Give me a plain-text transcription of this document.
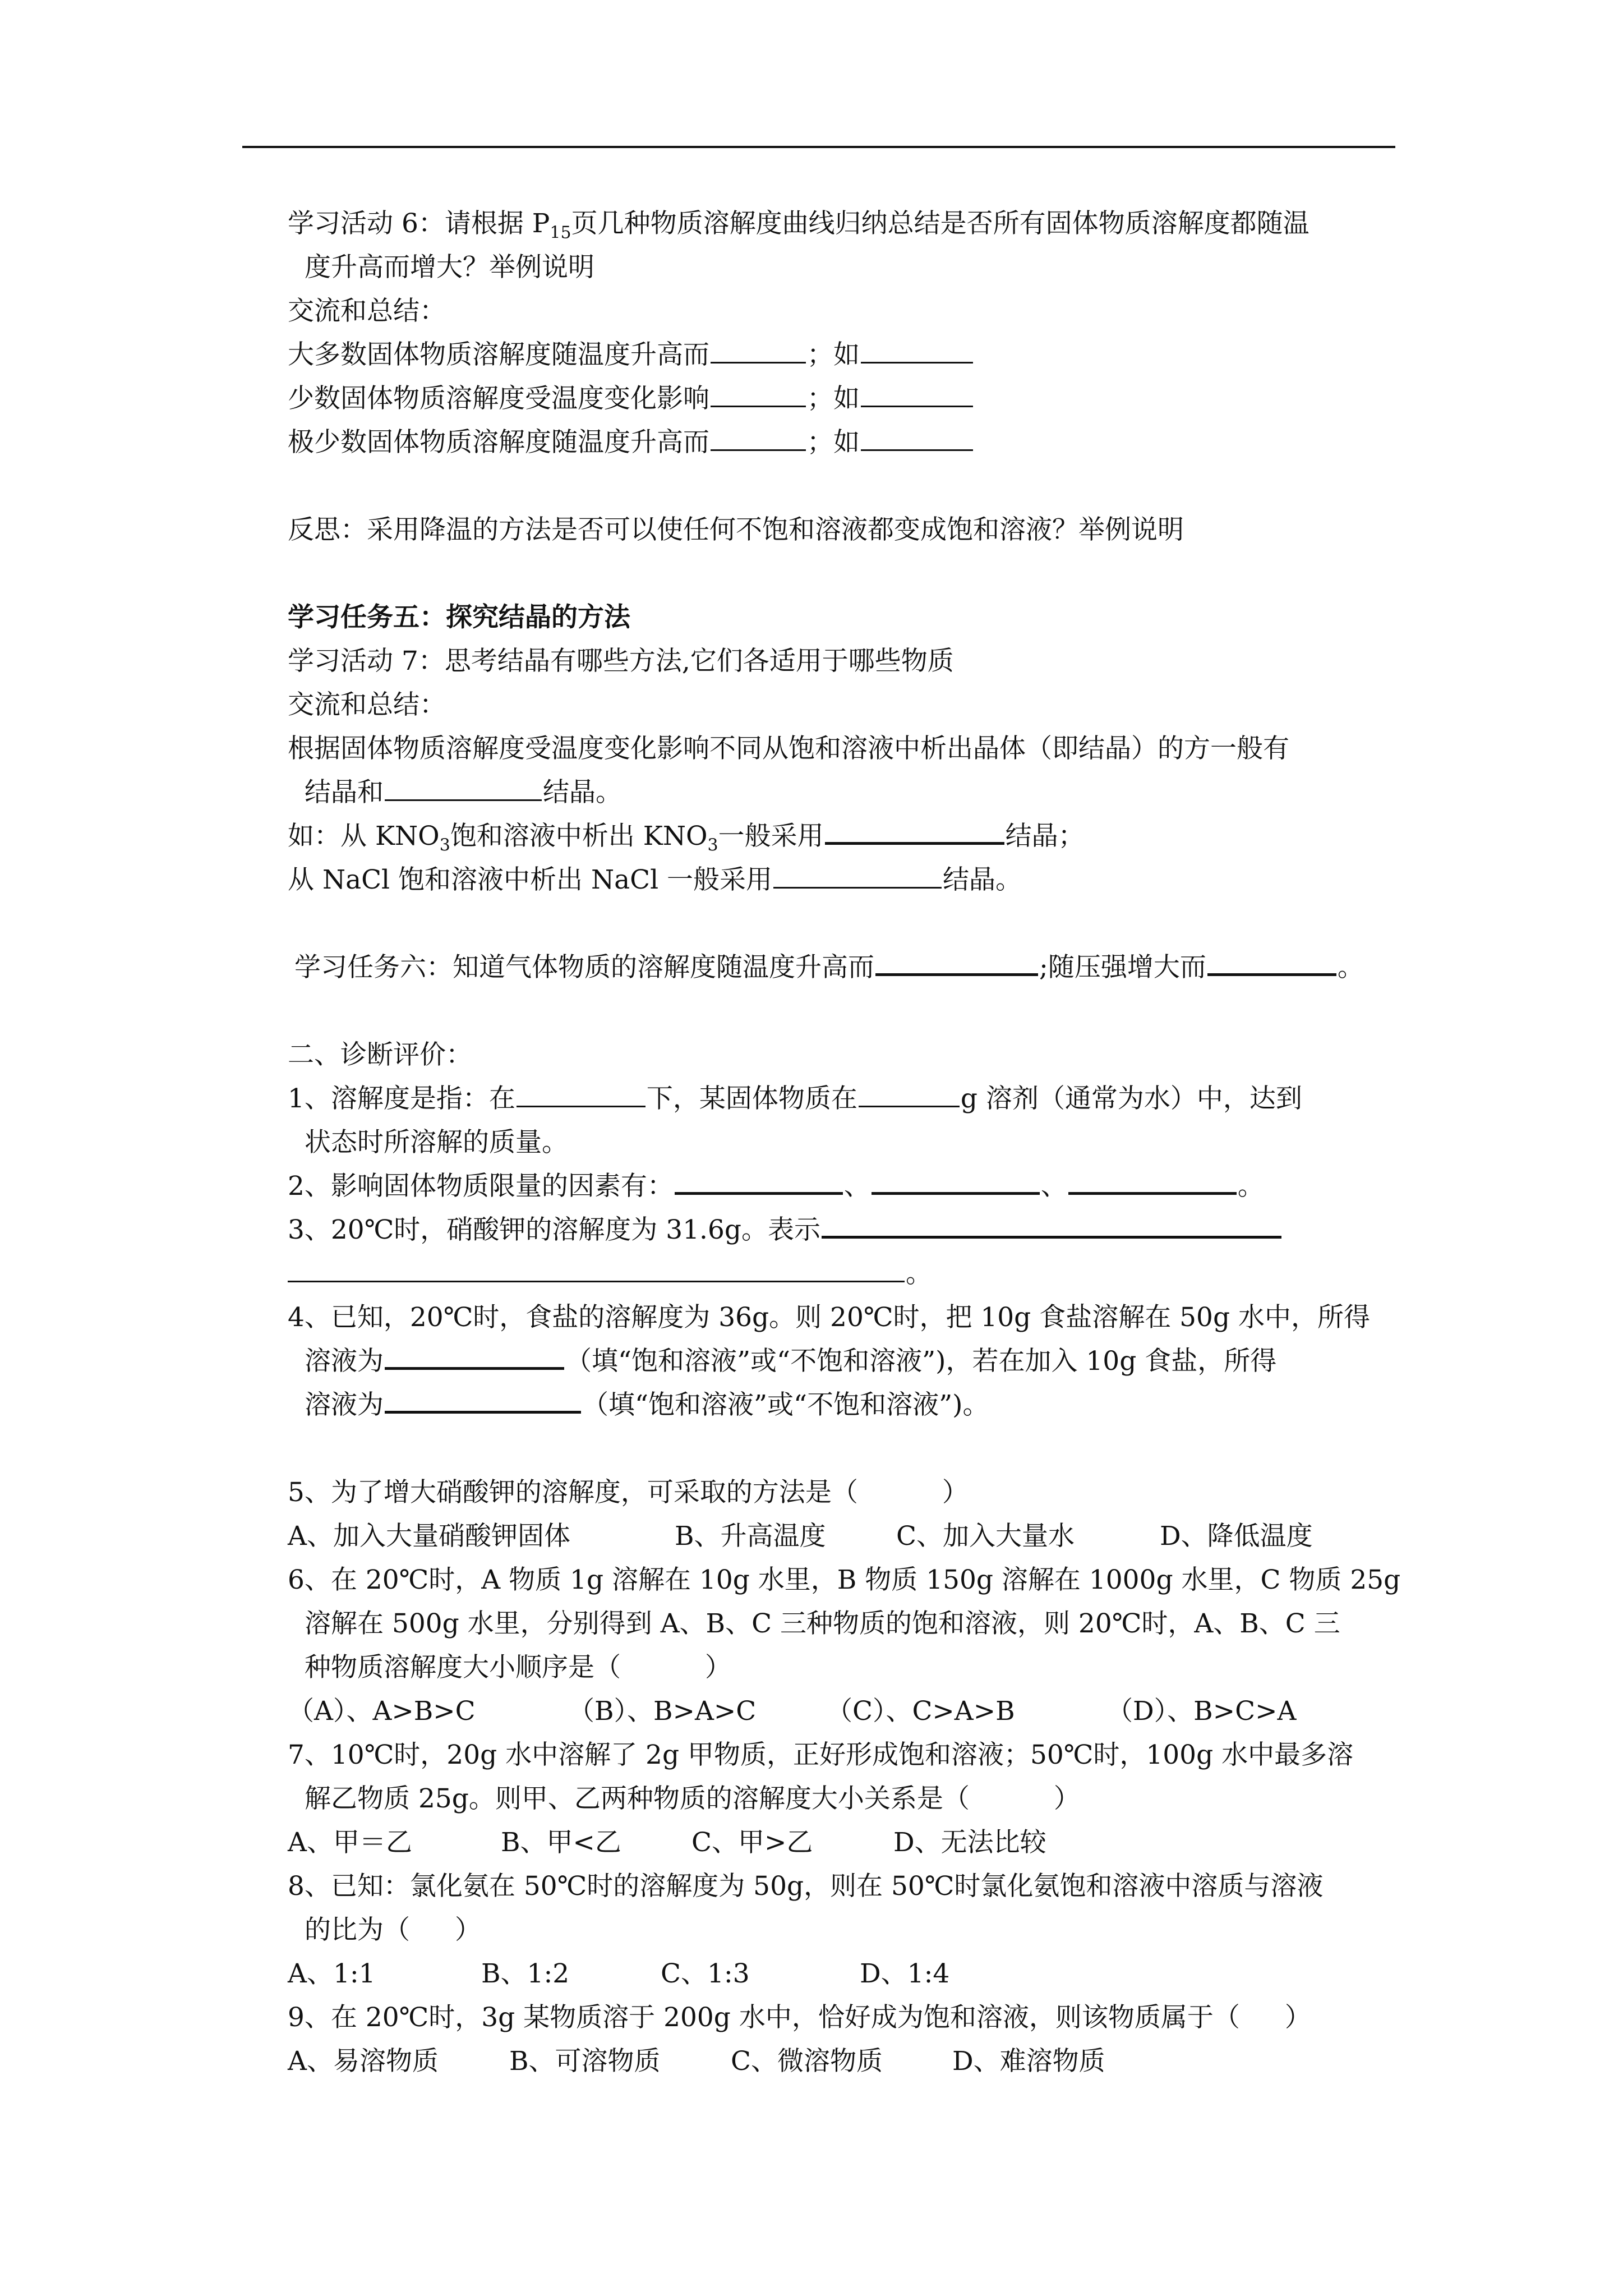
学习活动 6：请根据 $P_{15}$页几种物质溶解度曲线归纳总结是否所有固体物质溶解度都随温
度升高而增大？举例说明
交流和总结：
大多数固体物质溶解度随温度升高而	；如
少数固体物质溶解度受温度变化影响	；如
极少数固体物质溶解度随温度升高而	；如
反思：采用降温的方法是否可以使任何不饱和溶液都变成饱和溶液？举例说明
学习任务五：探究结晶的方法
学习活动 7：思考结晶有哪些方法,它们各适用于哪些物质
交流和总结：
根据固体物质溶解度受温度变化影响不同从饱和溶液中析出晶体（即结晶）的方一般有
结晶和	结晶。
如：从 $KNO_3$饱和溶液中析出 $KNO_3$一般采用	结晶；
从 NaCl 饱和溶液中析出 NaCl 一般采用	结晶。
学习任务六：知道气体物质的溶解度随温度升高而	;随压强增大而	。
二、诊断评价：
1、溶解度是指：在	下，某固体物质在	g 溶剂（通常为水）中，达到
状态时所溶解的质量。
2、影响固体物质限量的因素有：	、	、	。
3、20℃时，硝酸钾的溶解度为 31.6g。表示
。
4、已知，20℃时，食盐的溶解度为 36g。则 20℃时，把 10g 食盐溶解在 50g 水中，所得
溶液为	（填“饱和溶液”或“不饱和溶液”)，若在加入 10g 食盐，所得
溶液为	（填“饱和溶液”或“不饱和溶液”)。
5、为了增大硝酸钾的溶解度，可采取的方法是（	）
A、加入大量硝酸钾固体	B、升高温度	C、加入大量水	D、降低温度
6、在 20℃时，A 物质 1g 溶解在 10g 水里，B 物质 150g 溶解在 1000g 水里，C 物质 25g
溶解在 500g 水里，分别得到 A、B、C 三种物质的饱和溶液，则 20℃时，A、B、C 三
种物质溶解度大小顺序是（	）
（A）、A>B>C	（B）、B>A>C	（C）、C>A>B	（D）、B>C>A
7、10℃时，20g 水中溶解了 2g 甲物质，正好形成饱和溶液；50℃时，100g 水中最多溶
解乙物质 25g。则甲、乙两种物质的溶解度大小关系是（	）
A、甲＝乙	B、甲<乙	C、甲>乙	D、无法比较
8、已知：氯化氨在 50℃时的溶解度为 50g，则在 50℃时氯化氨饱和溶液中溶质与溶液
的比为（ ）
A、1:1	B、1:2	C、1:3	D、1:4
9、在 20℃时，3g 某物质溶于 200g 水中，恰好成为饱和溶液，则该物质属于（ ）
A、易溶物质	B、可溶物质	C、微溶物质	D、难溶物质
